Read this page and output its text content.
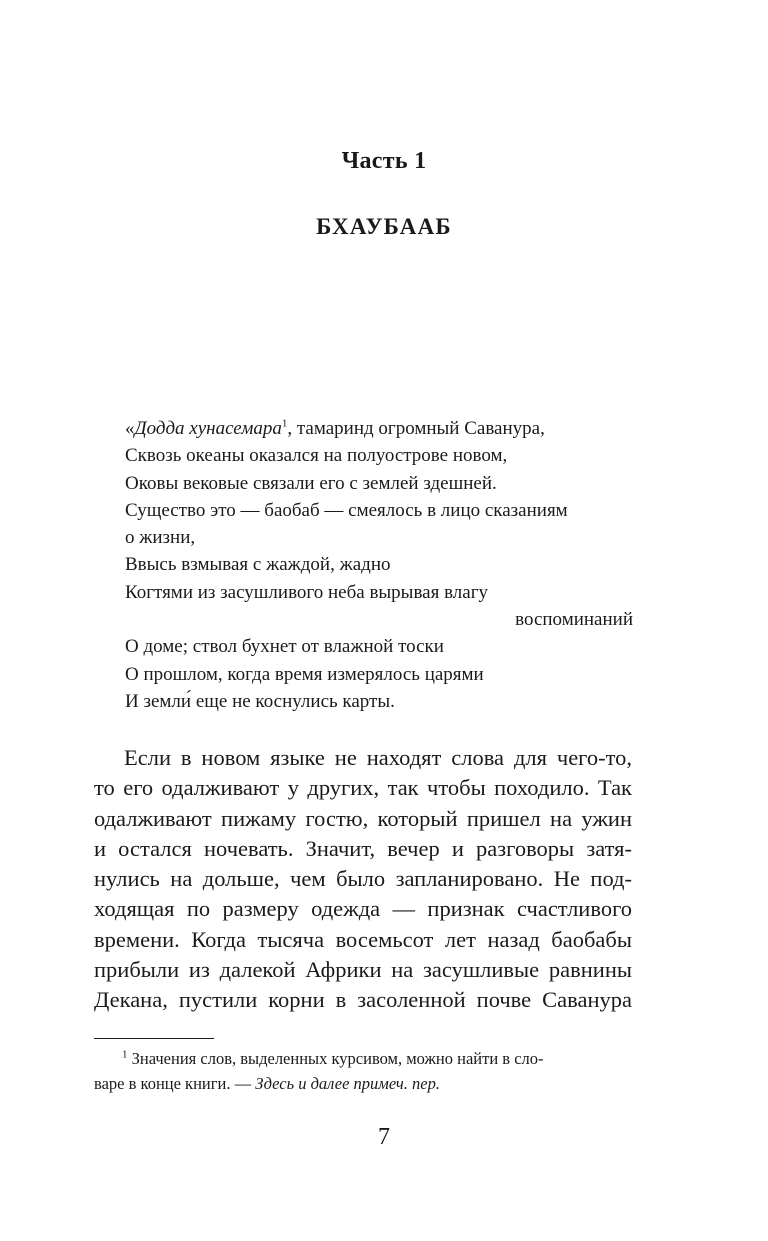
Часть 1
БХАУБААБ
«Додда хунасемара$^1$, тамаринд огромный Саванура,
Сквозь океаны оказался на полуострове новом,
Оковы вековые связали его с землей здешней.
Существо это — баобаб — смеялось в лицо сказаниям
о жизни,
Ввысь взмывая с жаждой, жадно
Когтями из засушливого неба вырывая влагу
воспоминаний
О доме; ствол бухнет от влажной тоски
О прошлом, когда время измерялось царями
И земли́ еще не коснулись карты.
Если в новом языке не находят слова для чего-то,
то его одалживают у других, так чтобы походило. Так
одалживают пижаму гостю, который пришел на ужин
и остался ночевать. Значит, вечер и разговоры затя-
нулись на дольше, чем было запланировано. Не под-
ходящая по размеру одежда — признак счастливого
времени. Когда тысяча восемьсот лет назад баобабы
прибыли из далекой Африки на засушливые равнины
Декана, пустили корни в засоленной почве Саванура
$^1$ Значения слов, выделенных курсивом, можно найти в сло-
варе в конце книги. — Здесь и далее примеч. пер.
7
